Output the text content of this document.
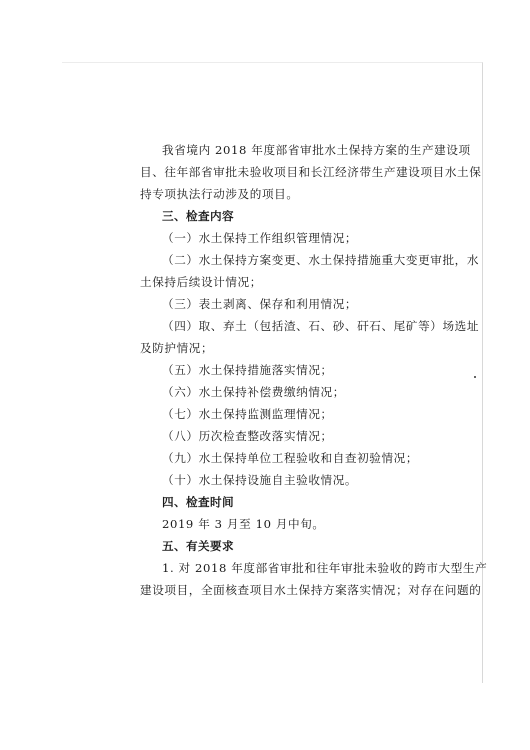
我省境内 2018 年度部省审批水土保持方案的生产建设项
目、往年部省审批未验收项目和长江经济带生产建设项目水土保
持专项执法行动涉及的项目。
三、检查内容
（一）水土保持工作组织管理情况；
（二）水土保持方案变更、水土保持措施重大变更审批，水
土保持后续设计情况；
（三）表土剥离、保存和利用情况；
（四）取、弃土（包括渣、石、砂、矸石、尾矿等）场选址
及防护情况；
（五）水土保持措施落实情况；
（六）水土保持补偿费缴纳情况；
（七）水土保持监测监理情况；
（八）历次检查整改落实情况；
（九）水土保持单位工程验收和自查初验情况；
（十）水土保持设施自主验收情况。
四、检查时间
2019 年 3 月至 10 月中旬。
五、有关要求
1. 对 2018 年度部省审批和往年审批未验收的跨市大型生产
建设项目，全面核查项目水土保持方案落实情况；对存在问题的
